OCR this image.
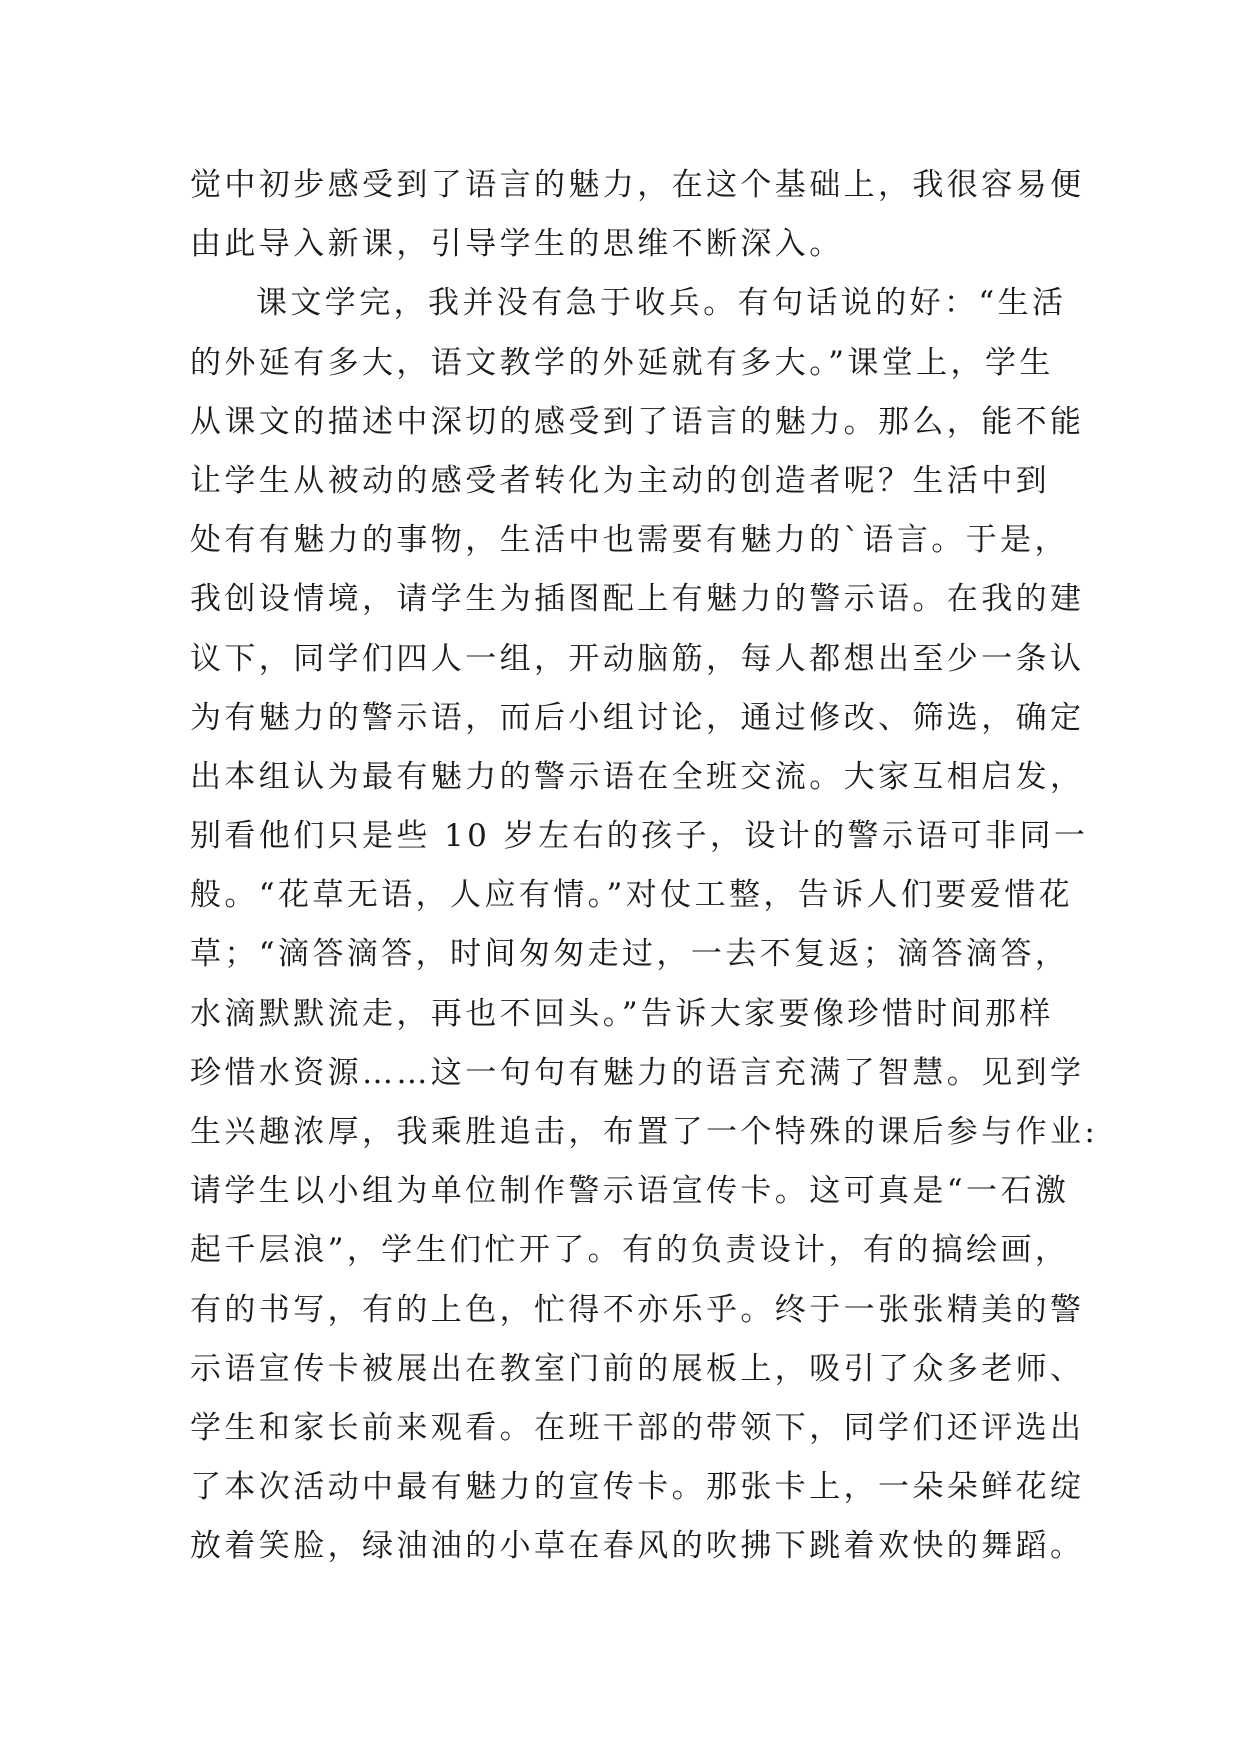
觉中初步感受到了语言的魅力，在这个基础上，我很容易便
由此导入新课，引导学生的思维不断深入。
课文学完，我并没有急于收兵。有句话说的好：“生活
的外延有多大，语文教学的外延就有多大。”课堂上，学生
从课文的描述中深切的感受到了语言的魅力。那么，能不能
让学生从被动的感受者转化为主动的创造者呢？生活中到
处有有魅力的事物，生活中也需要有魅力的`语言。于是，
我创设情境，请学生为插图配上有魅力的警示语。在我的建
议下，同学们四人一组，开动脑筋，每人都想出至少一条认
为有魅力的警示语，而后小组讨论，通过修改、筛选，确定
出本组认为最有魅力的警示语在全班交流。大家互相启发，
别看他们只是些 10 岁左右的孩子，设计的警示语可非同一
般。“花草无语，人应有情。”对仗工整，告诉人们要爱惜花
草；“滴答滴答，时间匆匆走过，一去不复返；滴答滴答，
水滴默默流走，再也不回头。”告诉大家要像珍惜时间那样
珍惜水资源……这一句句有魅力的语言充满了智慧。见到学
生兴趣浓厚，我乘胜追击，布置了一个特殊的课后参与作业:
请学生以小组为单位制作警示语宣传卡。这可真是“一石激
起千层浪”，学生们忙开了。有的负责设计，有的搞绘画，
有的书写，有的上色，忙得不亦乐乎。终于一张张精美的警
示语宣传卡被展出在教室门前的展板上，吸引了众多老师、
学生和家长前来观看。在班干部的带领下，同学们还评选出
了本次活动中最有魅力的宣传卡。那张卡上，一朵朵鲜花绽
放着笑脸，绿油油的小草在春风的吹拂下跳着欢快的舞蹈。
